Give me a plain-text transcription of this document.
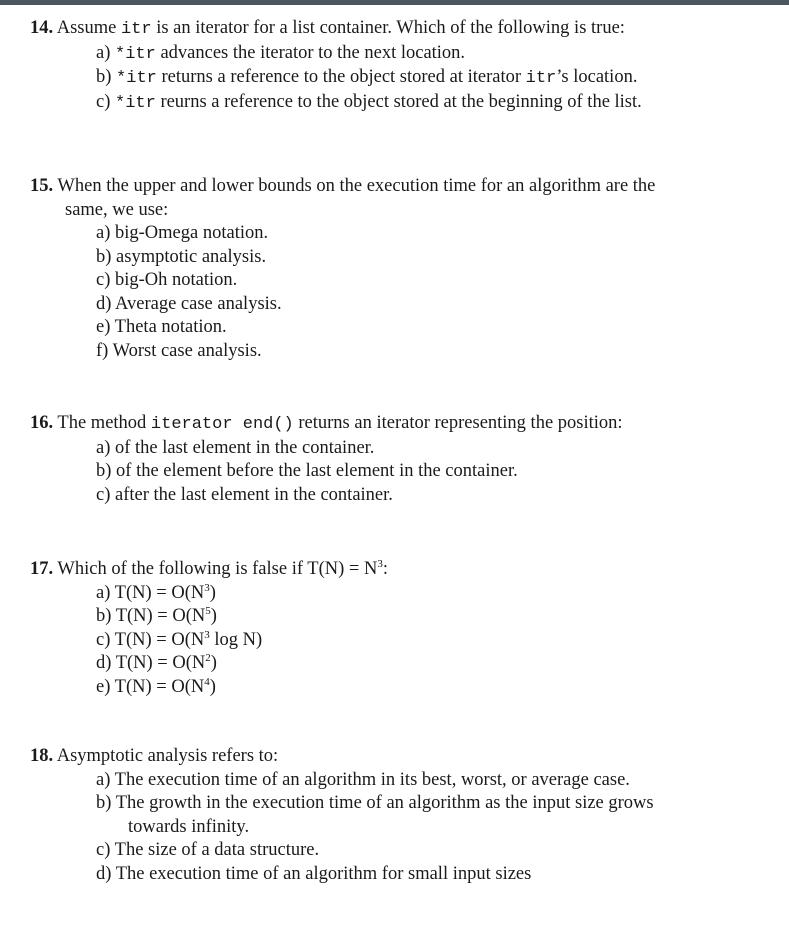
14. Assume itr is an iterator for a list container. Which of the following is true:

a) *itr advances the iterator to the next location.
b) *itr returns a reference to the object stored at iterator itr’s location.
c) *itr reurns a reference to the object stored at the beginning of the list.

15. When the upper and lower bounds on the execution time for an algorithm are the
same, we use:

a) big-Omega notation.
b) asymptotic analysis.
c) big-Oh notation.
d) Average case analysis.
e) Theta notation.
f) Worst case analysis.

16. The method iterator end() returns an iterator representing the position:

a) of the last element in the container.
b) of the element before the last element in the container.
c) after the last element in the container.

17. Which of the following is false if $T(N) = N^3$:

a) $T(N) = O(N^3)$
b) $T(N) = O(N^5)$
c) $T(N) = O(N^3$ log N)
d) $T(N) = O(N^2)$
e) $T(N) = O(N^4)$

18. Asymptotic analysis refers to:

a) The execution time of an algorithm in its best, worst, or average case.
b) The growth in the execution time of an algorithm as the input size grows
towards infinity.
c) The size of a data structure.
d) The execution time of an algorithm for small input sizes
